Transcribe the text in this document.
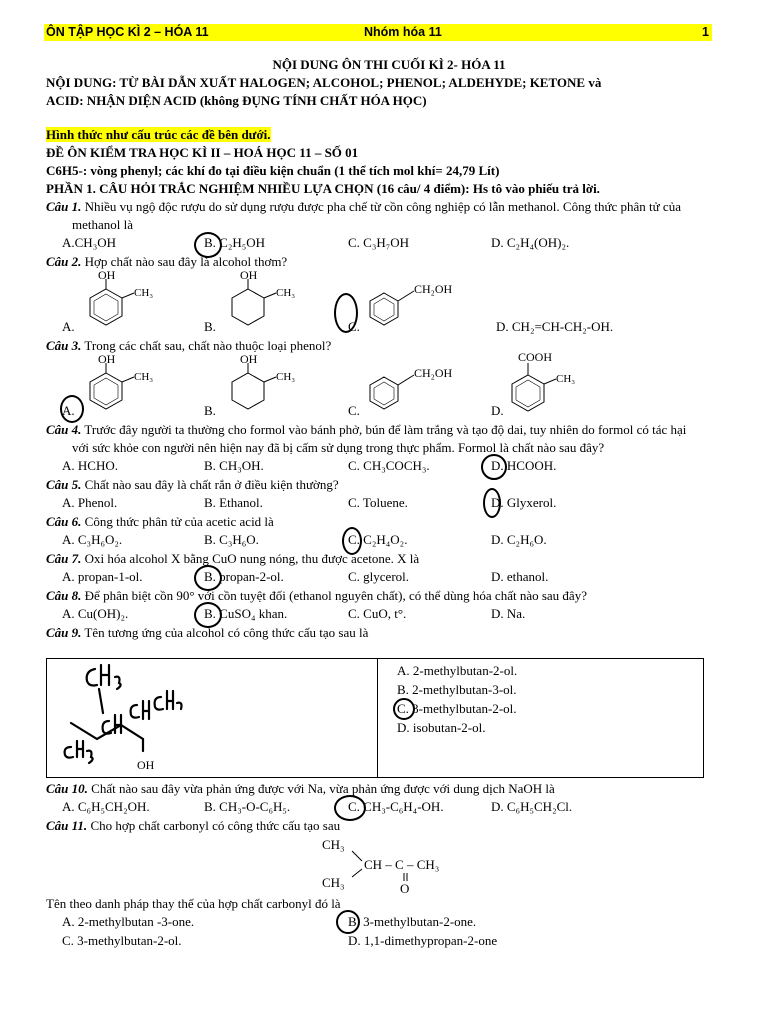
ÔN TẬP HỌC KÌ 2 – HÓA 11	Nhóm hóa 11	1
NỘI DUNG ÔN THI CUỐI KÌ 2- HÓA 11
NỘI DUNG: TỪ BÀI DẪN XUẤT HALOGEN; ALCOHOL; PHENOL; ALDEHYDE; KETONE và
ACID: NHẬN DIỆN ACID (không ĐỤNG TÍNH CHẤT HÓA HỌC)
Hình thức như cấu trúc các đề bên dưới.
ĐỀ ÔN KIỂM TRA HỌC KÌ II – HOÁ HỌC 11 – SỐ 01
C6H5-: vòng phenyl; các khí đo tại điều kiện chuẩn (1 thể tích mol khí= 24,79 Lít)
PHẦN 1. CÂU HỎI TRẮC NGHIỆM NHIỀU LỰA CHỌN (16 câu/ 4 điểm): Hs tô vào phiếu trả lời.
Câu 1. Nhiều vụ ngộ độc rượu do sử dụng rượu được pha chế từ cồn công nghiệp có lẫn methanol. Công thức phân tử của
methanol là
A.CH₃OH	B. C₂H₅OH	C. C₃H₇OH	D. C₂H₄(OH)₂.
Câu 2. Hợp chất nào sau đây là alcohol thơm?
A.
OH
CH₃
B.
OH
CH₃
C.
CH₂OH
D. CH₂=CH-CH₂-OH.
Câu 3. Trong các chất sau, chất nào thuộc loại phenol?
A.
OH
CH₃
B.
OH
CH₃
C.
CH₂OH
D.
COOH
CH₃
Câu 4. Trước đây người ta thường cho formol vào bánh phở, bún để làm trắng và tạo độ dai, tuy nhiên do formol có tác hại
với sức khỏe con người nên hiện nay đã bị cấm sử dụng trong thực phẩm. Formol là chất nào sau đây?
A. HCHO.	B. CH₃OH.	C. CH₃COCH₃.	D. HCOOH.
Câu 5. Chất nào sau đây là chất rắn ở điều kiện thường?
A. Phenol.	B. Ethanol.	C. Toluene.	D. Glyxerol.
Câu 6. Công thức phân tử của acetic acid là
A. C₃H₆O₂.	B. C₃H₆O.	C. C₂H₄O₂.	D. C₂H₆O.
Câu 7. Oxi hóa alcohol X bằng CuO nung nóng, thu được acetone. X là
A. propan-1-ol.	B. propan-2-ol.	C. glycerol.	D. ethanol.
Câu 8. Để phân biệt cồn 90° với cồn tuyệt đối (ethanol nguyên chất), có thể dùng hóa chất nào sau đây?
A. Cu(OH)₂.	B. CuSO₄ khan.	C. CuO, t°.	D. Na.
Câu 9. Tên tương ứng của alcohol có công thức cấu tạo sau là
OH
A. 2-methylbutan-2-ol.
B. 2-methylbutan-3-ol.
C. 3-methylbutan-2-ol.
D. isobutan-2-ol.
Câu 10. Chất nào sau đây vừa phản ứng được với Na, vừa phản ứng được với dung dịch NaOH là
A. C₆H₅CH₂OH.	B. CH₃-O-C₆H₅.	C. CH₃-C₆H₄-OH.	D. C₆H₅CH₂Cl.
Câu 11. Cho hợp chất carbonyl có công thức cấu tạo sau
CH₃
CH₃
CH – C – CH₃
O
Tên theo danh pháp thay thế của hợp chất carbonyl đó là
A. 2-methylbutan -3-one.	B. 3-methylbutan-2-one.
C. 3-methylbutan-2-ol.	D. 1,1-dimethypropan-2-one
